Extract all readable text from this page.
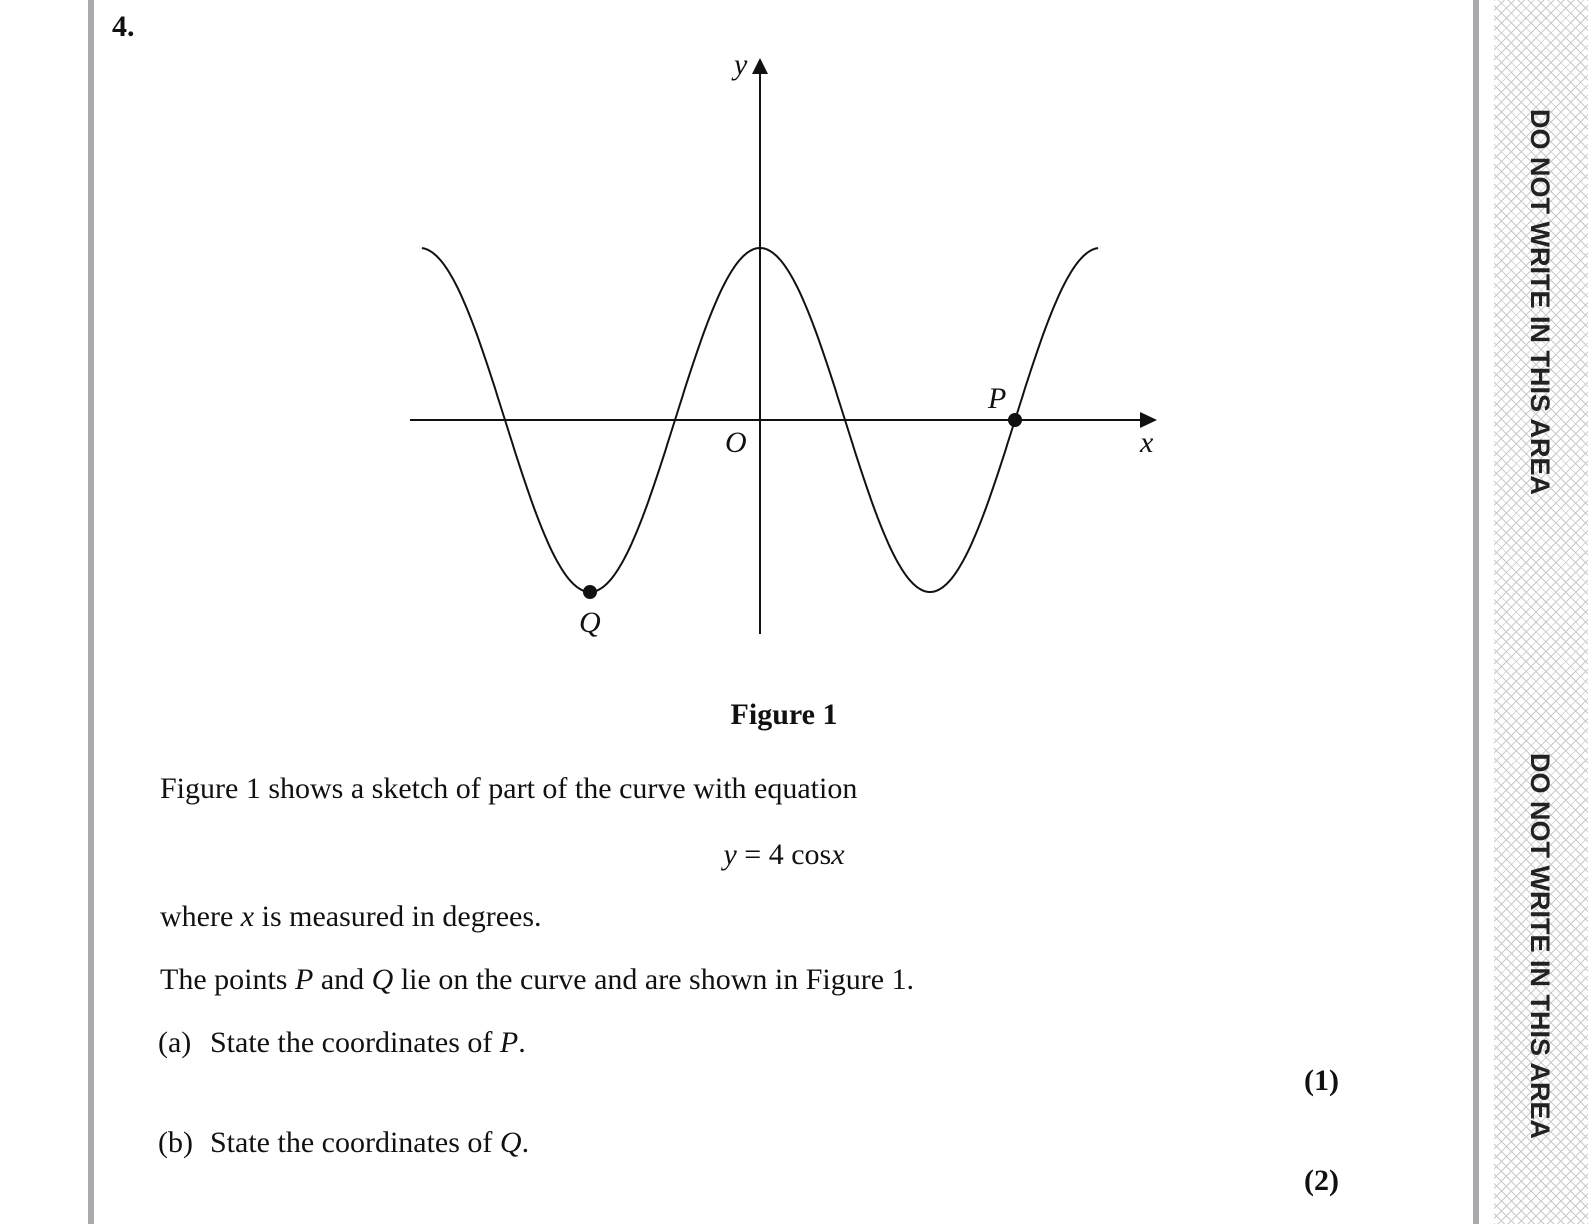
DO NOT WRITE IN THIS AREA
DO NOT WRITE IN THIS AREA
4.
y
x
O
P
Q
Figure 1
Figure 1 shows a sketch of part of the curve with equation
y = 4 cosx
where x is measured in degrees.
The points P and Q lie on the curve and are shown in Figure 1.
(a) State the coordinates of P.
(1)
(b) State the coordinates of Q.
(2)
